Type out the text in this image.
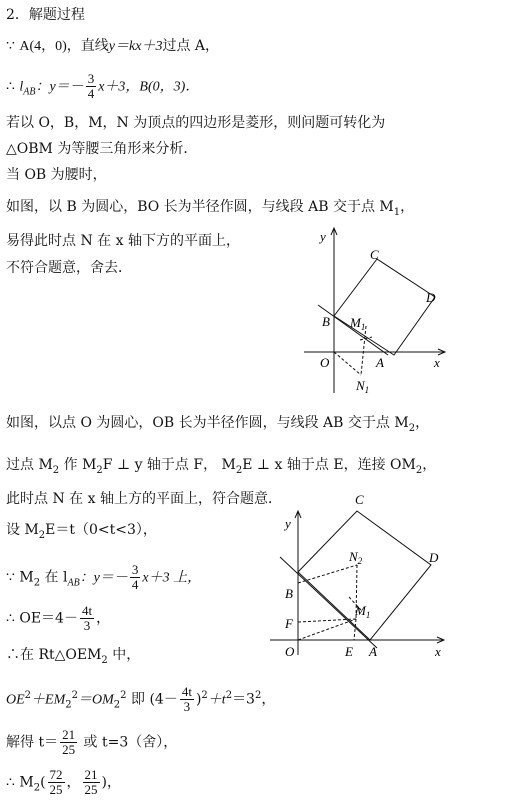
2．解题过程
∵ A(4，0)，直线y＝kx＋3过点 A，
∴ $l_{AB}$：$y=- \frac{3}{4} x+3$，B(0，3)．
若以 O，B，M，N 为顶点的四边形是菱形，则问题可转化为
△OBM 为等腰三角形来分析．
当 OB 为腰时，
如图，以 B 为圆心，BO 长为半径作圆，与线段 AB 交于点 $M_1$，
易得此时点 N 在 x 轴下方的平面上，
不符合题意，舍去．
如图，以点 O 为圆心，OB 长为半径作圆，与线段 AB 交于点 $M_2$，
过点 $M_2$ 作 $M_2F$ ⊥ y 轴于点 F， $M_2E$ ⊥ x 轴于点 E，连接 $OM_2$，
此时点 N 在 x 轴上方的平面上，符合题意．
设 $M_2E=t(0<t<3)$，
∵ $M_2$ 在 $l_{AB}$：$y=- \frac{3}{4} x+3$ 上，
∴ $OE=4- \frac{4t}{3}$ ，
∴在 $Rt\triangle OEM_2$ 中，
$OE^2+EM_2^2=OM_2^2$ 即 $(4- \frac{4t}{3} )^2+t^2=3^2$，
解得 $t= \frac{21}{25}$ 或 t=3（舍），
∴ $M_2( \frac{72}{25}$ ， $\frac{21}{25}$ )，
y
x
O	A
B
C
D
$M_1$
$N_1$
y
x
O	A
E
F
B
C
D
$N_2$
$M_1$
